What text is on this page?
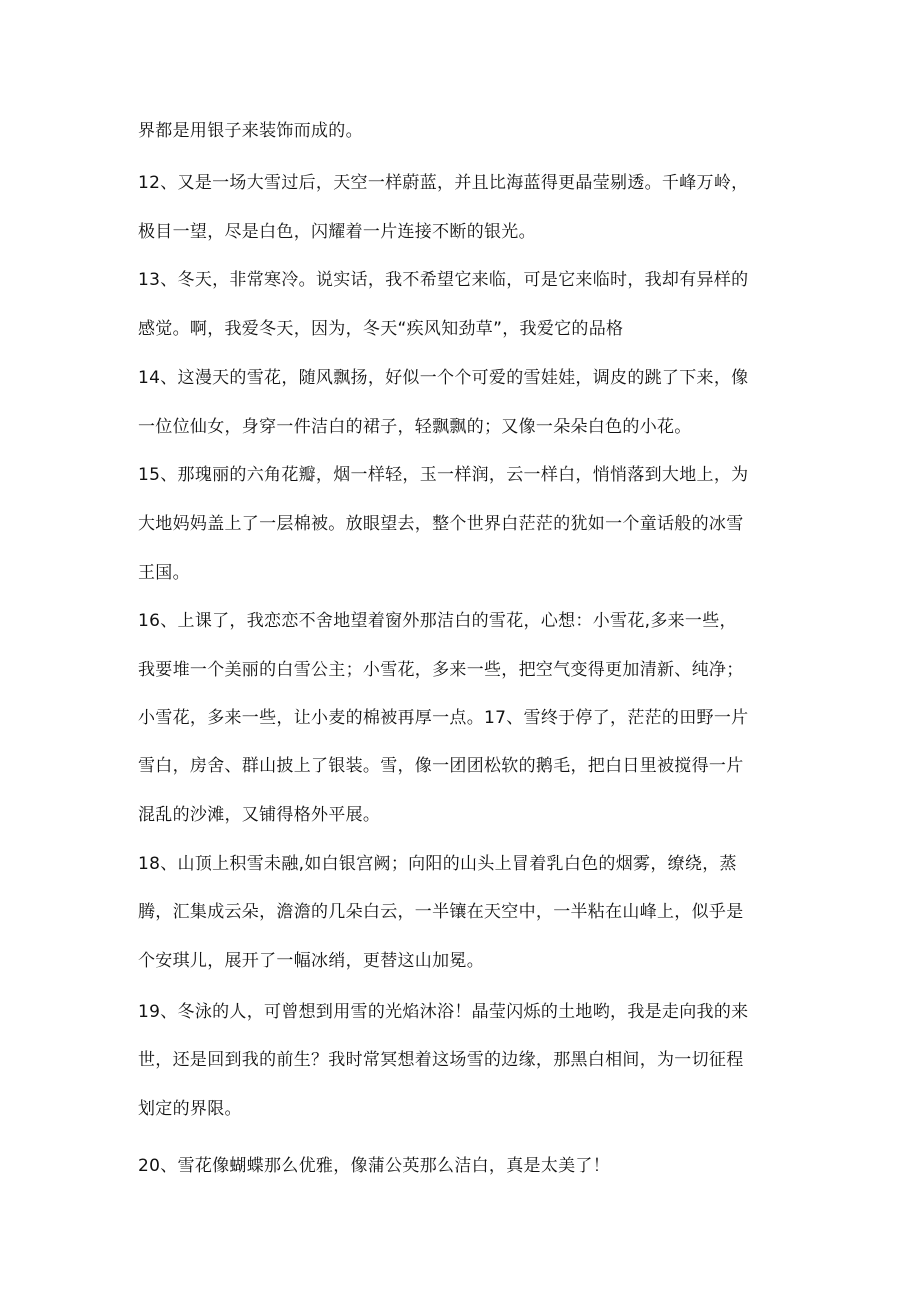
界都是用银子来装饰而成的。
12、又是一场大雪过后，天空一样蔚蓝，并且比海蓝得更晶莹剔透。千峰万岭，
极目一望，尽是白色，闪耀着一片连接不断的银光。
13、冬天，非常寒冷。说实话，我不希望它来临，可是它来临时，我却有异样的
感觉。啊，我爱冬天，因为，冬天“疾风知劲草”，我爱它的品格
14、这漫天的雪花，随风飘扬，好似一个个可爱的雪娃娃，调皮的跳了下来，像
一位位仙女，身穿一件洁白的裙子，轻飘飘的；又像一朵朵白色的小花。
15、那瑰丽的六角花瓣，烟一样轻，玉一样润，云一样白，悄悄落到大地上，为
大地妈妈盖上了一层棉被。放眼望去，整个世界白茫茫的犹如一个童话般的冰雪
王国。
16、上课了，我恋恋不舍地望着窗外那洁白的雪花，心想：小雪花,多来一些，
我要堆一个美丽的白雪公主；小雪花，多来一些，把空气变得更加清新、纯净；
小雪花，多来一些，让小麦的棉被再厚一点。17、雪终于停了，茫茫的田野一片
雪白，房舍、群山披上了银装。雪，像一团团松软的鹅毛，把白日里被搅得一片
混乱的沙滩，又铺得格外平展。
18、山顶上积雪未融,如白银宫阙；向阳的山头上冒着乳白色的烟雾，缭绕，蒸
腾，汇集成云朵，澹澹的几朵白云，一半镶在天空中，一半粘在山峰上，似乎是
个安琪儿，展开了一幅冰绡，更替这山加冕。
19、冬泳的人，可曾想到用雪的光焰沐浴！晶莹闪烁的土地哟，我是走向我的来
世，还是回到我的前生？我时常冥想着这场雪的边缘，那黑白相间，为一切征程
划定的界限。
20、雪花像蝴蝶那么优雅，像蒲公英那么洁白，真是太美了！
